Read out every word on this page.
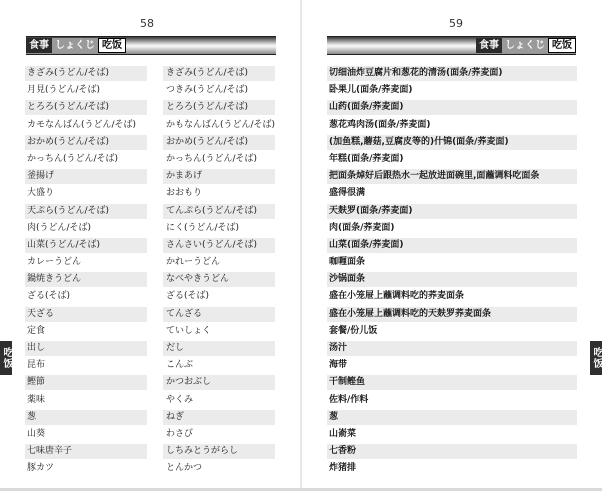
58
食事 しょくじ 吃饭
きざみ(うどん/そば)	きざみ(うどん/そば)
月見(うどん/そば)	つきみ(うどん/そば)
とろろ(うどん/そば)	とろろ(うどん/そば)
カモなんばん(うどん/そば)	かもなんばん(うどん/そば)
おかめ(うどん/そば)	おかめ(うどん/そば)
かっちん(うどん/そば)	かっちん(うどん/そば)
釜揚げ	かまあげ
大盛り	おおもり
天ぷら(うどん/そば)	てんぷら(うどん/そば)
肉(うどん/そば)	にく(うどん/そば)
山菜(うどん/そば)	さんさい(うどん/そば)
カレーうどん	かれーうどん
鍋焼きうどん	なべやきうどん
ざる(そば)	ざる(そば)
天ざる	てんざる
定食	ていしょく
出し	だし
昆布	こんぶ
鰹節	かつおぶし
薬味	やくみ
葱	ねぎ
山葵	わさび
七味唐辛子	しちみとうがらし
豚カツ	とんかつ
吃饭
59
食事 しょくじ 吃饭
切细油炸豆腐片和葱花的清汤(面条/荞麦面)
卧果儿(面条/荞麦面)
山药(面条/荞麦面)
葱花鸡肉汤(面条/荞麦面)
(加鱼糕,蘑菇,豆腐皮等的)什锦(面条/荞麦面)
年糕(面条/荞麦面)
把面条焯好后跟热水一起放进面碗里,面蘸调料吃面条
盛得很满
天麸罗(面条/荞麦面)
肉(面条/荞麦面)
山菜(面条/荞麦面)
咖喱面条
沙锅面条
盛在小笼屉上蘸调料吃的荞麦面条
盛在小笼屉上蘸调料吃的天麸罗荞麦面条
套餐/份儿饭
汤汁
海带
干制鲣鱼
佐料/作料
葱
山嵛菜
七香粉
炸猪排
吃饭
